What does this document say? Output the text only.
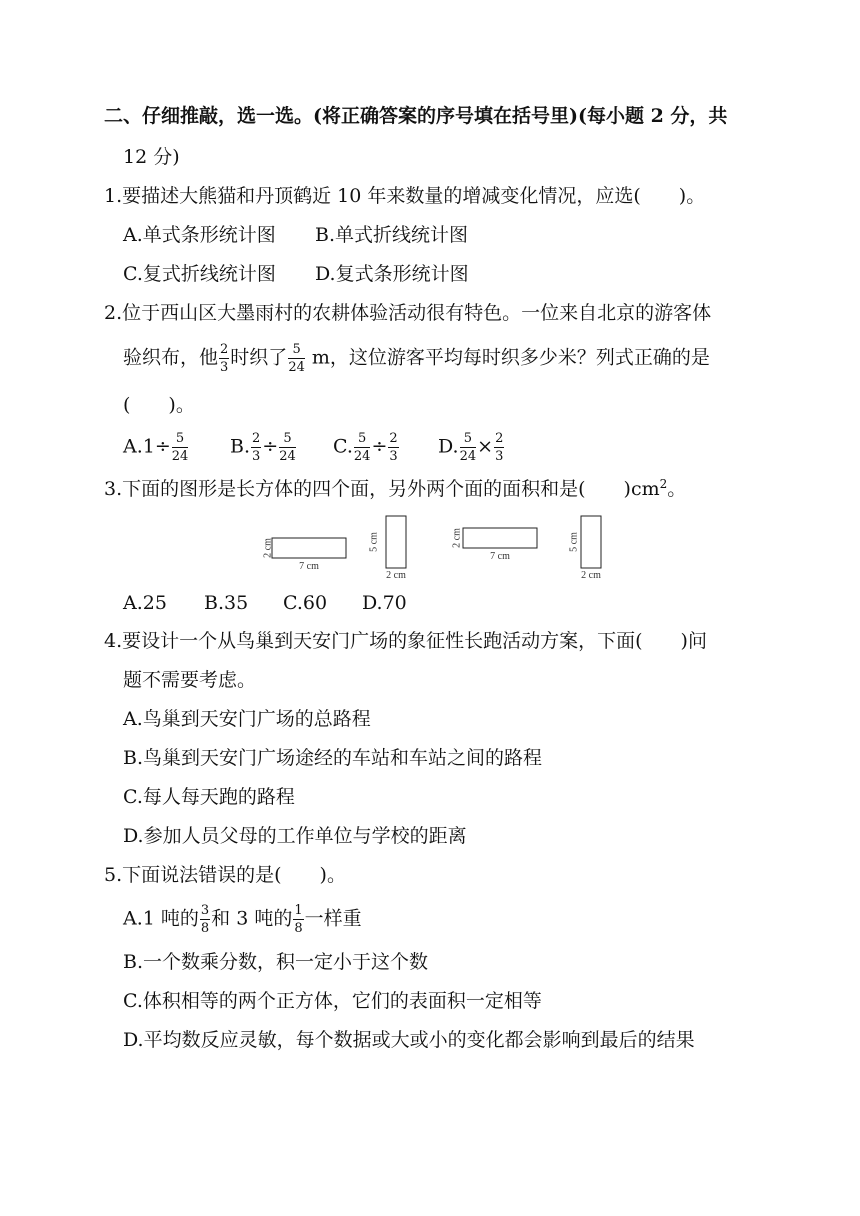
二、仔细推敲，选一选。(将正确答案的序号填在括号里)(每小题 2 分，共
12 分)
1.要描述大熊猫和丹顶鹤近 10 年来数量的增减变化情况，应选(　　)。
A.单式条形统计图 B.单式折线统计图
C.复式折线统计图 D.复式条形统计图
2.位于西山区大墨雨村的农耕体验活动很有特色。一位来自北京的游客体
验织布，他 $\frac{2}{3}$ 时织了 $\frac{5}{24}$ m，这位游客平均每时织多少米？列式正确的是
(　　)。
$A.1\div \frac{5}{24} B$. $\frac{2}{3} \div \frac{5}{24} C$. $\frac{5}{24} \div \frac{2}{3} D$. $\frac{5}{24} \times \frac{2}{3}$
3.下面的图形是长方体的四个面，另外两个面的面积和是(　　)$cm^2$。
2 cm
7 cm
5 cm
2 cm
2 cm
7 cm
5 cm
2 cm
A.25 B.35 C.60 D.70
4.要设计一个从鸟巢到天安门广场的象征性长跑活动方案，下面(　　)问
题不需要考虑。
A.鸟巢到天安门广场的总路程
B.鸟巢到天安门广场途经的车站和车站之间的路程
C.每人每天跑的路程
D.参加人员父母的工作单位与学校的距离
5.下面说法错误的是(　　)。
A.1 吨的 $\frac{3}{8}$ 和 3 吨的 $\frac{1}{8}$ 一样重
B.一个数乘分数，积一定小于这个数
C.体积相等的两个正方体，它们的表面积一定相等
D.平均数反应灵敏，每个数据或大或小的变化都会影响到最后的结果
